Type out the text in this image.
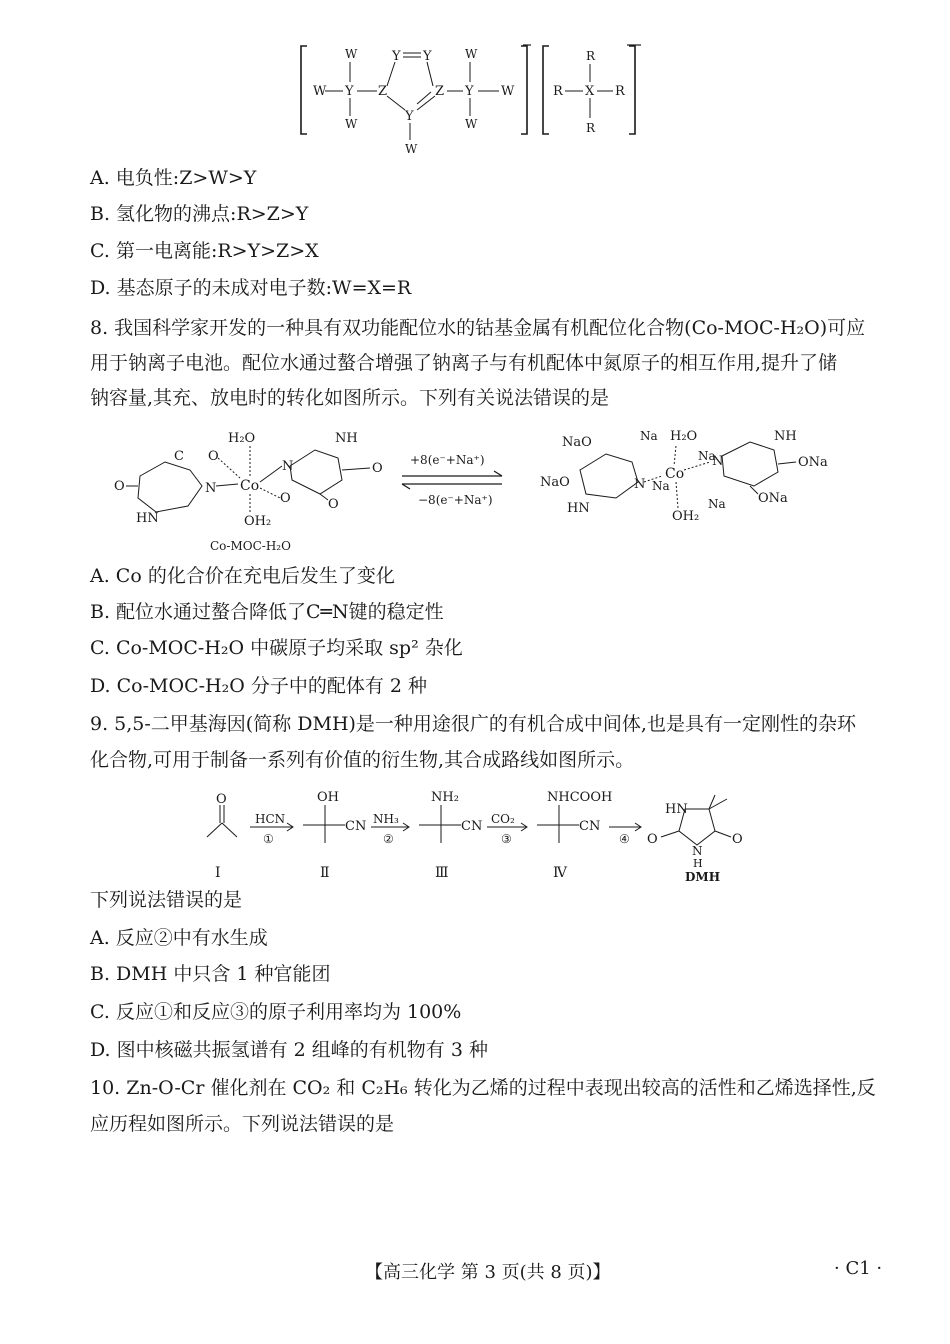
W Y
W
W
Z
Y Y
Z
Y
W
Y
W
W
W	R X R
R
R
A. 电负性:Z>W>Y
B. 氢化物的沸点:R>Z>Y
C. 第一电离能:R>Y>Z>X
D. 基态原子的未成对电子数:W=X=R
8. 我国科学家开发的一种具有双功能配位水的钴基金属有机配位化合物(Co-MOC-H₂O)可应
用于钠离子电池。配位水通过螯合增强了钠离子与有机配体中氮原子的相互作用,提升了储
钠容量,其充、放电时的转化如图所示。下列有关说法错误的是
H₂O
Co
OH₂
O
N
N
O
NH
O
O
C
O
HN
Co-MOC-H₂O
+8(e⁻+Na⁺)
−8(e⁻+Na⁺)
NaO
NaO
HN
Na H₂O
Co
Na
Na
N
N
NH
ONa
ONa
Na
OH₂
A. Co 的化合价在充电后发生了变化
B. 配位水通过螯合降低了C═N键的稳定性
C. Co-MOC-H₂O 中碳原子均采取 sp² 杂化
D. Co-MOC-H₂O 分子中的配体有 2 种
9. 5,5-二甲基海因(简称 DMH)是一种用途很广的有机合成中间体,也是具有一定刚性的杂环
化合物,可用于制备一系列有价值的衍生物,其合成路线如图所示。
O
Ⅰ
HCN
①
OH
CN
Ⅱ
NH₃
②
NH₂
CN
Ⅲ
CO₂
③
NHCOOH
CN
Ⅳ
④
HN
O
O
N
H
DMH
下列说法错误的是
A. 反应②中有水生成
B. DMH 中只含 1 种官能团
C. 反应①和反应③的原子利用率均为 100%
D. 图中核磁共振氢谱有 2 组峰的有机物有 3 种
10. Zn-O-Cr 催化剂在 CO₂ 和 C₂H₆ 转化为乙烯的过程中表现出较高的活性和乙烯选择性,反
应历程如图所示。下列说法错误的是
【高三化学 第 3 页(共 8 页)】	· C1 ·
